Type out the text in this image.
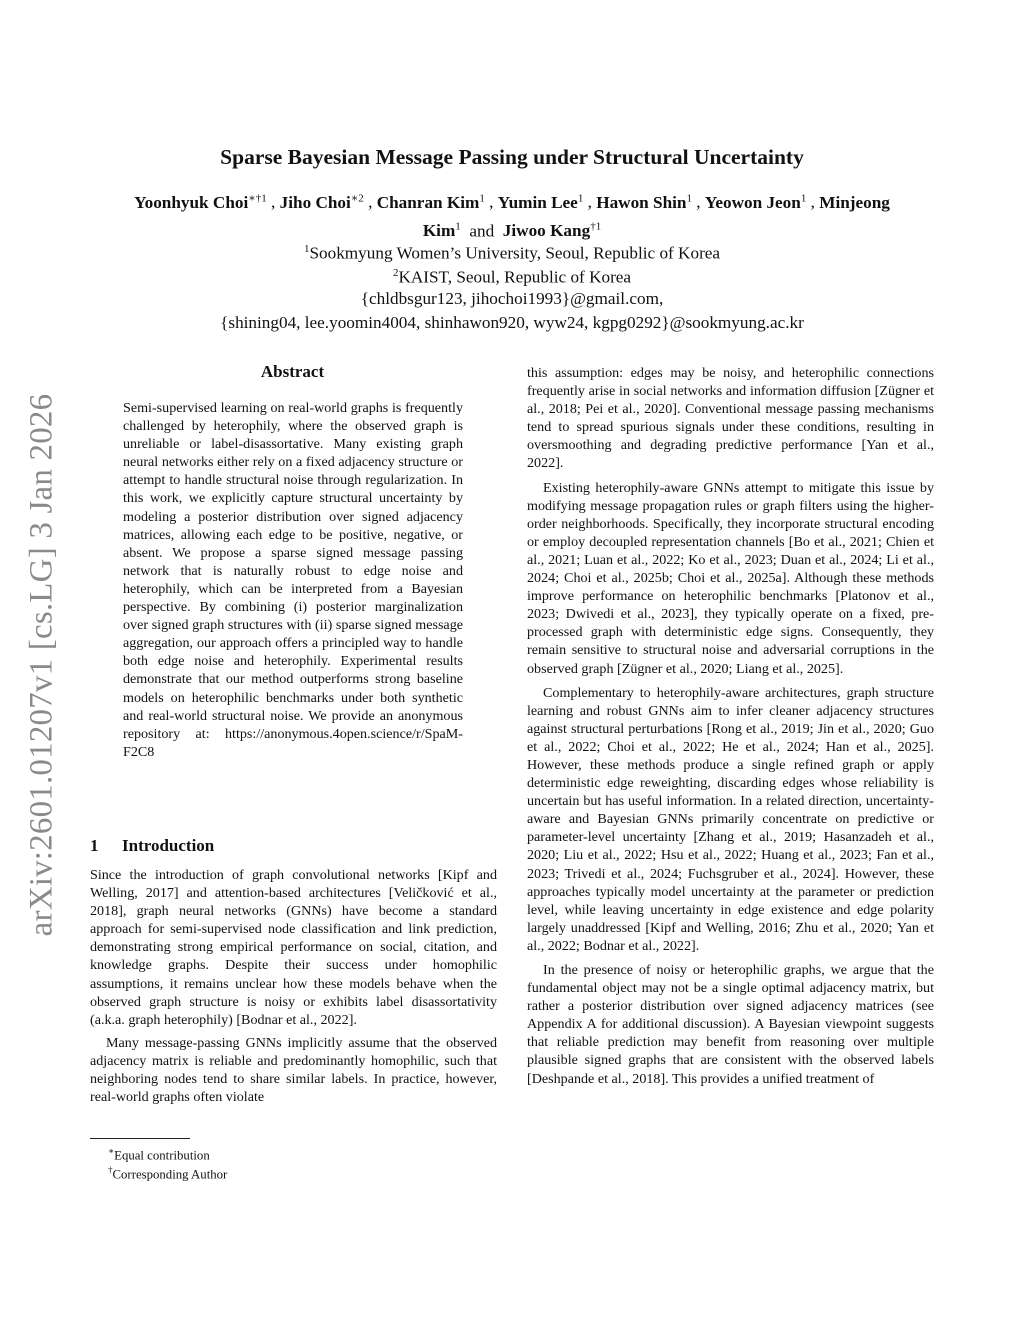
arXiv:2601.01207v1 [cs.LG] 3 Jan 2026
Sparse Bayesian Message Passing under Structural Uncertainty
Yoonhyuk Choi$^{∗\dagger 1}$ , Jiho Choi$^{∗2}$ , Chanran Kim$^1$ , Yumin Lee$^1$ , Hawon Shin$^1$ , Yeowon Jeon$^1$ , Minjeong Kim$^1$  and  Jiwoo Kang$^{\dagger 1}$
$^1$Sookmyung Women’s University, Seoul, Republic of Korea
$^2$KAIST, Seoul, Republic of Korea
{chldbsgur123, jihochoi1993}@gmail.com,
{shining04, lee.yoomin4004, shinhawon920, wyw24, kgpg0292}@sookmyung.ac.kr
Abstract

Semi-supervised learning on real-world graphs is frequently challenged by heterophily, where the observed graph is unreliable or label-disassortative. Many existing graph neural networks either rely on a fixed adjacency structure or attempt to handle structural noise through regularization. In this work, we explicitly capture structural uncertainty by modeling a posterior distribution over signed adjacency matrices, allowing each edge to be positive, negative, or absent. We propose a sparse signed message passing network that is naturally robust to edge noise and heterophily, which can be interpreted from a Bayesian perspective. By combining (i) posterior marginalization over signed graph structures with (ii) sparse signed message aggregation, our approach offers a principled way to handle both edge noise and heterophily. Experimental results demonstrate that our method outperforms strong baseline models on heterophilic benchmarks under both synthetic and real-world structural noise. We provide an anonymous repository at: https://anonymous.4open.science/r/SpaM-F2C8

1 Introduction

Since the introduction of graph convolutional networks [Kipf and Welling, 2017] and attention-based architectures [Veličković et al., 2018], graph neural networks (GNNs) have become a standard approach for semi-supervised node classification and link prediction, demonstrating strong empirical performance on social, citation, and knowledge graphs. Despite their success under homophilic assumptions, it remains unclear how these models behave when the observed graph structure is noisy or exhibits label disassortativity (a.k.a. graph heterophily) [Bodnar et al., 2022].

Many message-passing GNNs implicitly assume that the observed adjacency matrix is reliable and predominantly homophilic, such that neighboring nodes tend to share similar labels. In practice, however, real-world graphs often violate

∗Equal contribution
†Corresponding Author

this assumption: edges may be noisy, and heterophilic connections frequently arise in social networks and information diffusion [Zügner et al., 2018; Pei et al., 2020]. Conventional message passing mechanisms tend to spread spurious signals under these conditions, resulting in oversmoothing and degrading predictive performance [Yan et al., 2022].

Existing heterophily-aware GNNs attempt to mitigate this issue by modifying message propagation rules or graph filters using the higher-order neighborhoods. Specifically, they incorporate structural encoding or employ decoupled representation channels [Bo et al., 2021; Chien et al., 2021; Luan et al., 2022; Ko et al., 2023; Duan et al., 2024; Li et al., 2024; Choi et al., 2025b; Choi et al., 2025a]. Although these methods improve performance on heterophilic benchmarks [Platonov et al., 2023; Dwivedi et al., 2023], they typically operate on a fixed, pre-processed graph with deterministic edge signs. Consequently, they remain sensitive to structural noise and adversarial corruptions in the observed graph [Zügner et al., 2020; Liang et al., 2025].

Complementary to heterophily-aware architectures, graph structure learning and robust GNNs aim to infer cleaner adjacency structures against structural perturbations [Rong et al., 2019; Jin et al., 2020; Guo et al., 2022; Choi et al., 2022; He et al., 2024; Han et al., 2025]. However, these methods produce a single refined graph or apply deterministic edge reweighting, discarding edges whose reliability is uncertain but has useful information. In a related direction, uncertainty-aware and Bayesian GNNs primarily concentrate on predictive or parameter-level uncertainty [Zhang et al., 2019; Hasanzadeh et al., 2020; Liu et al., 2022; Hsu et al., 2022; Huang et al., 2023; Fan et al., 2023; Trivedi et al., 2024; Fuchsgruber et al., 2024]. However, these approaches typically model uncertainty at the parameter or prediction level, while leaving uncertainty in edge existence and edge polarity largely unaddressed [Kipf and Welling, 2016; Zhu et al., 2020; Yan et al., 2022; Bodnar et al., 2022].

In the presence of noisy or heterophilic graphs, we argue that the fundamental object may not be a single optimal adjacency matrix, but rather a posterior distribution over signed adjacency matrices (see Appendix A for additional discussion). A Bayesian viewpoint suggests that reliable prediction may benefit from reasoning over multiple plausible signed graphs that are consistent with the observed labels [Deshpande et al., 2018]. This provides a unified treatment of
